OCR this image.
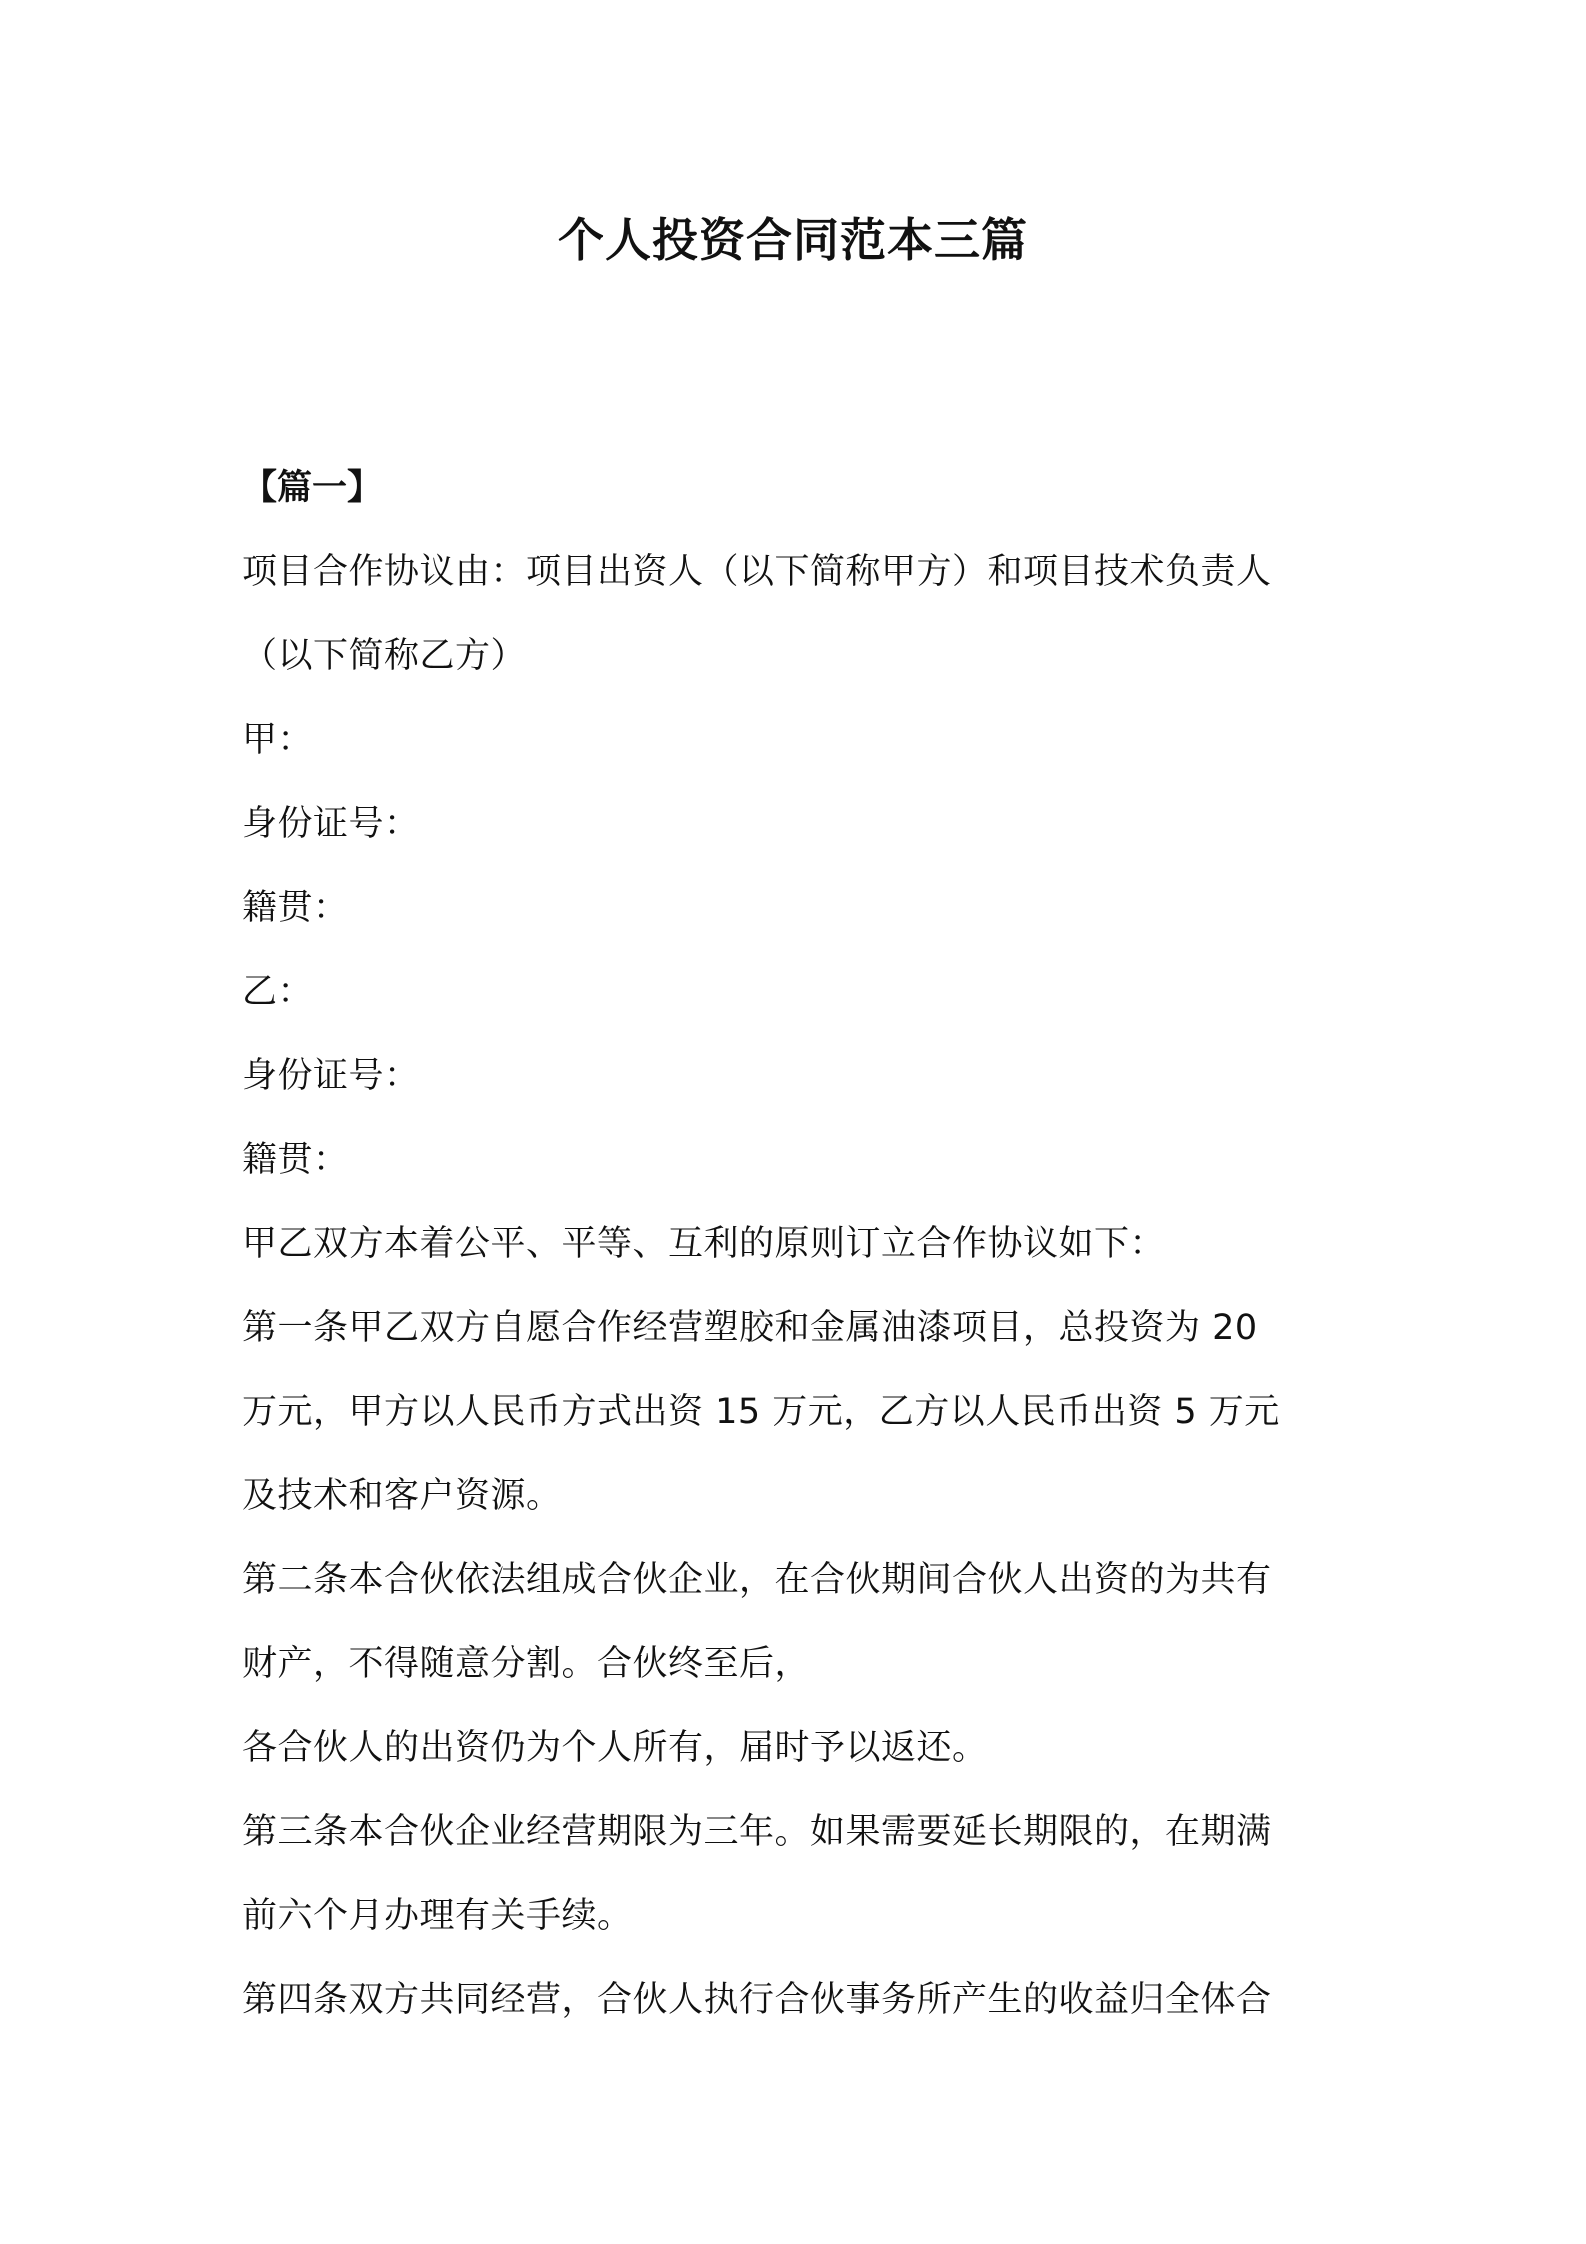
个人投资合同范本三篇
【篇一】
项目合作协议由：项目出资人（以下简称甲方）和项目技术负责人
（以下简称乙方）
甲：
身份证号：
籍贯：
乙：
身份证号：
籍贯：
甲乙双方本着公平、平等、互利的原则订立合作协议如下：
第一条甲乙双方自愿合作经营塑胶和金属油漆项目，总投资为 20
万元，甲方以人民币方式出资 15 万元，乙方以人民币出资 5 万元
及技术和客户资源。
第二条本合伙依法组成合伙企业，在合伙期间合伙人出资的为共有
财产，不得随意分割。合伙终至后，
各合伙人的出资仍为个人所有，届时予以返还。
第三条本合伙企业经营期限为三年。如果需要延长期限的，在期满
前六个月办理有关手续。
第四条双方共同经营，合伙人执行合伙事务所产生的收益归全体合
